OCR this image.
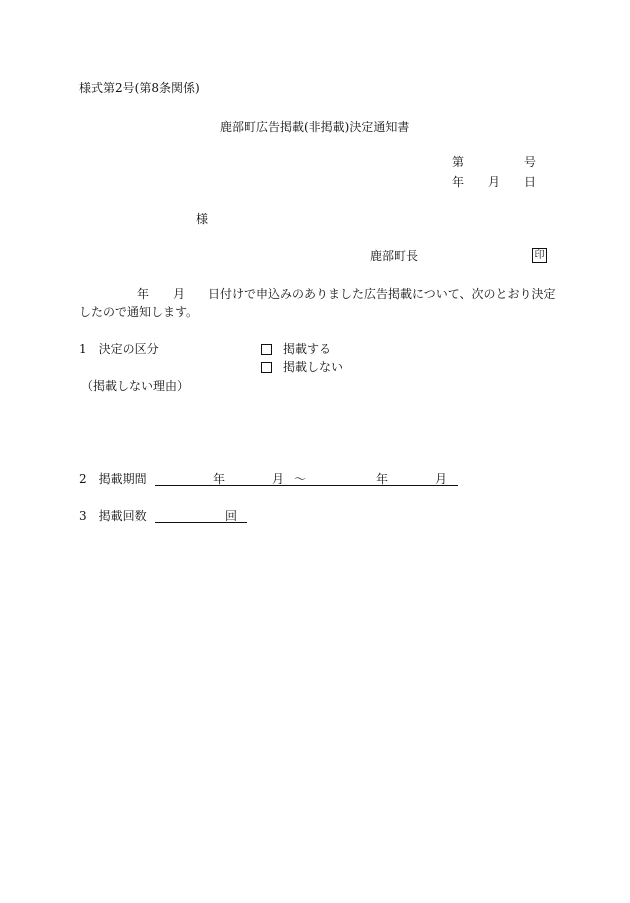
様式第2号(第8条関係)
鹿部町広告掲載(非掲載)決定通知書
第	号
年 月 日
様
鹿部町長	印
年 月 日付けで申込みのありました広告掲載について、次のとおり決定
したので通知します。
1　決定の区分	掲載する
掲載しない
（掲載しない理由）
2　掲載期間	年	月 ～	年	月
3　掲載回数	回
